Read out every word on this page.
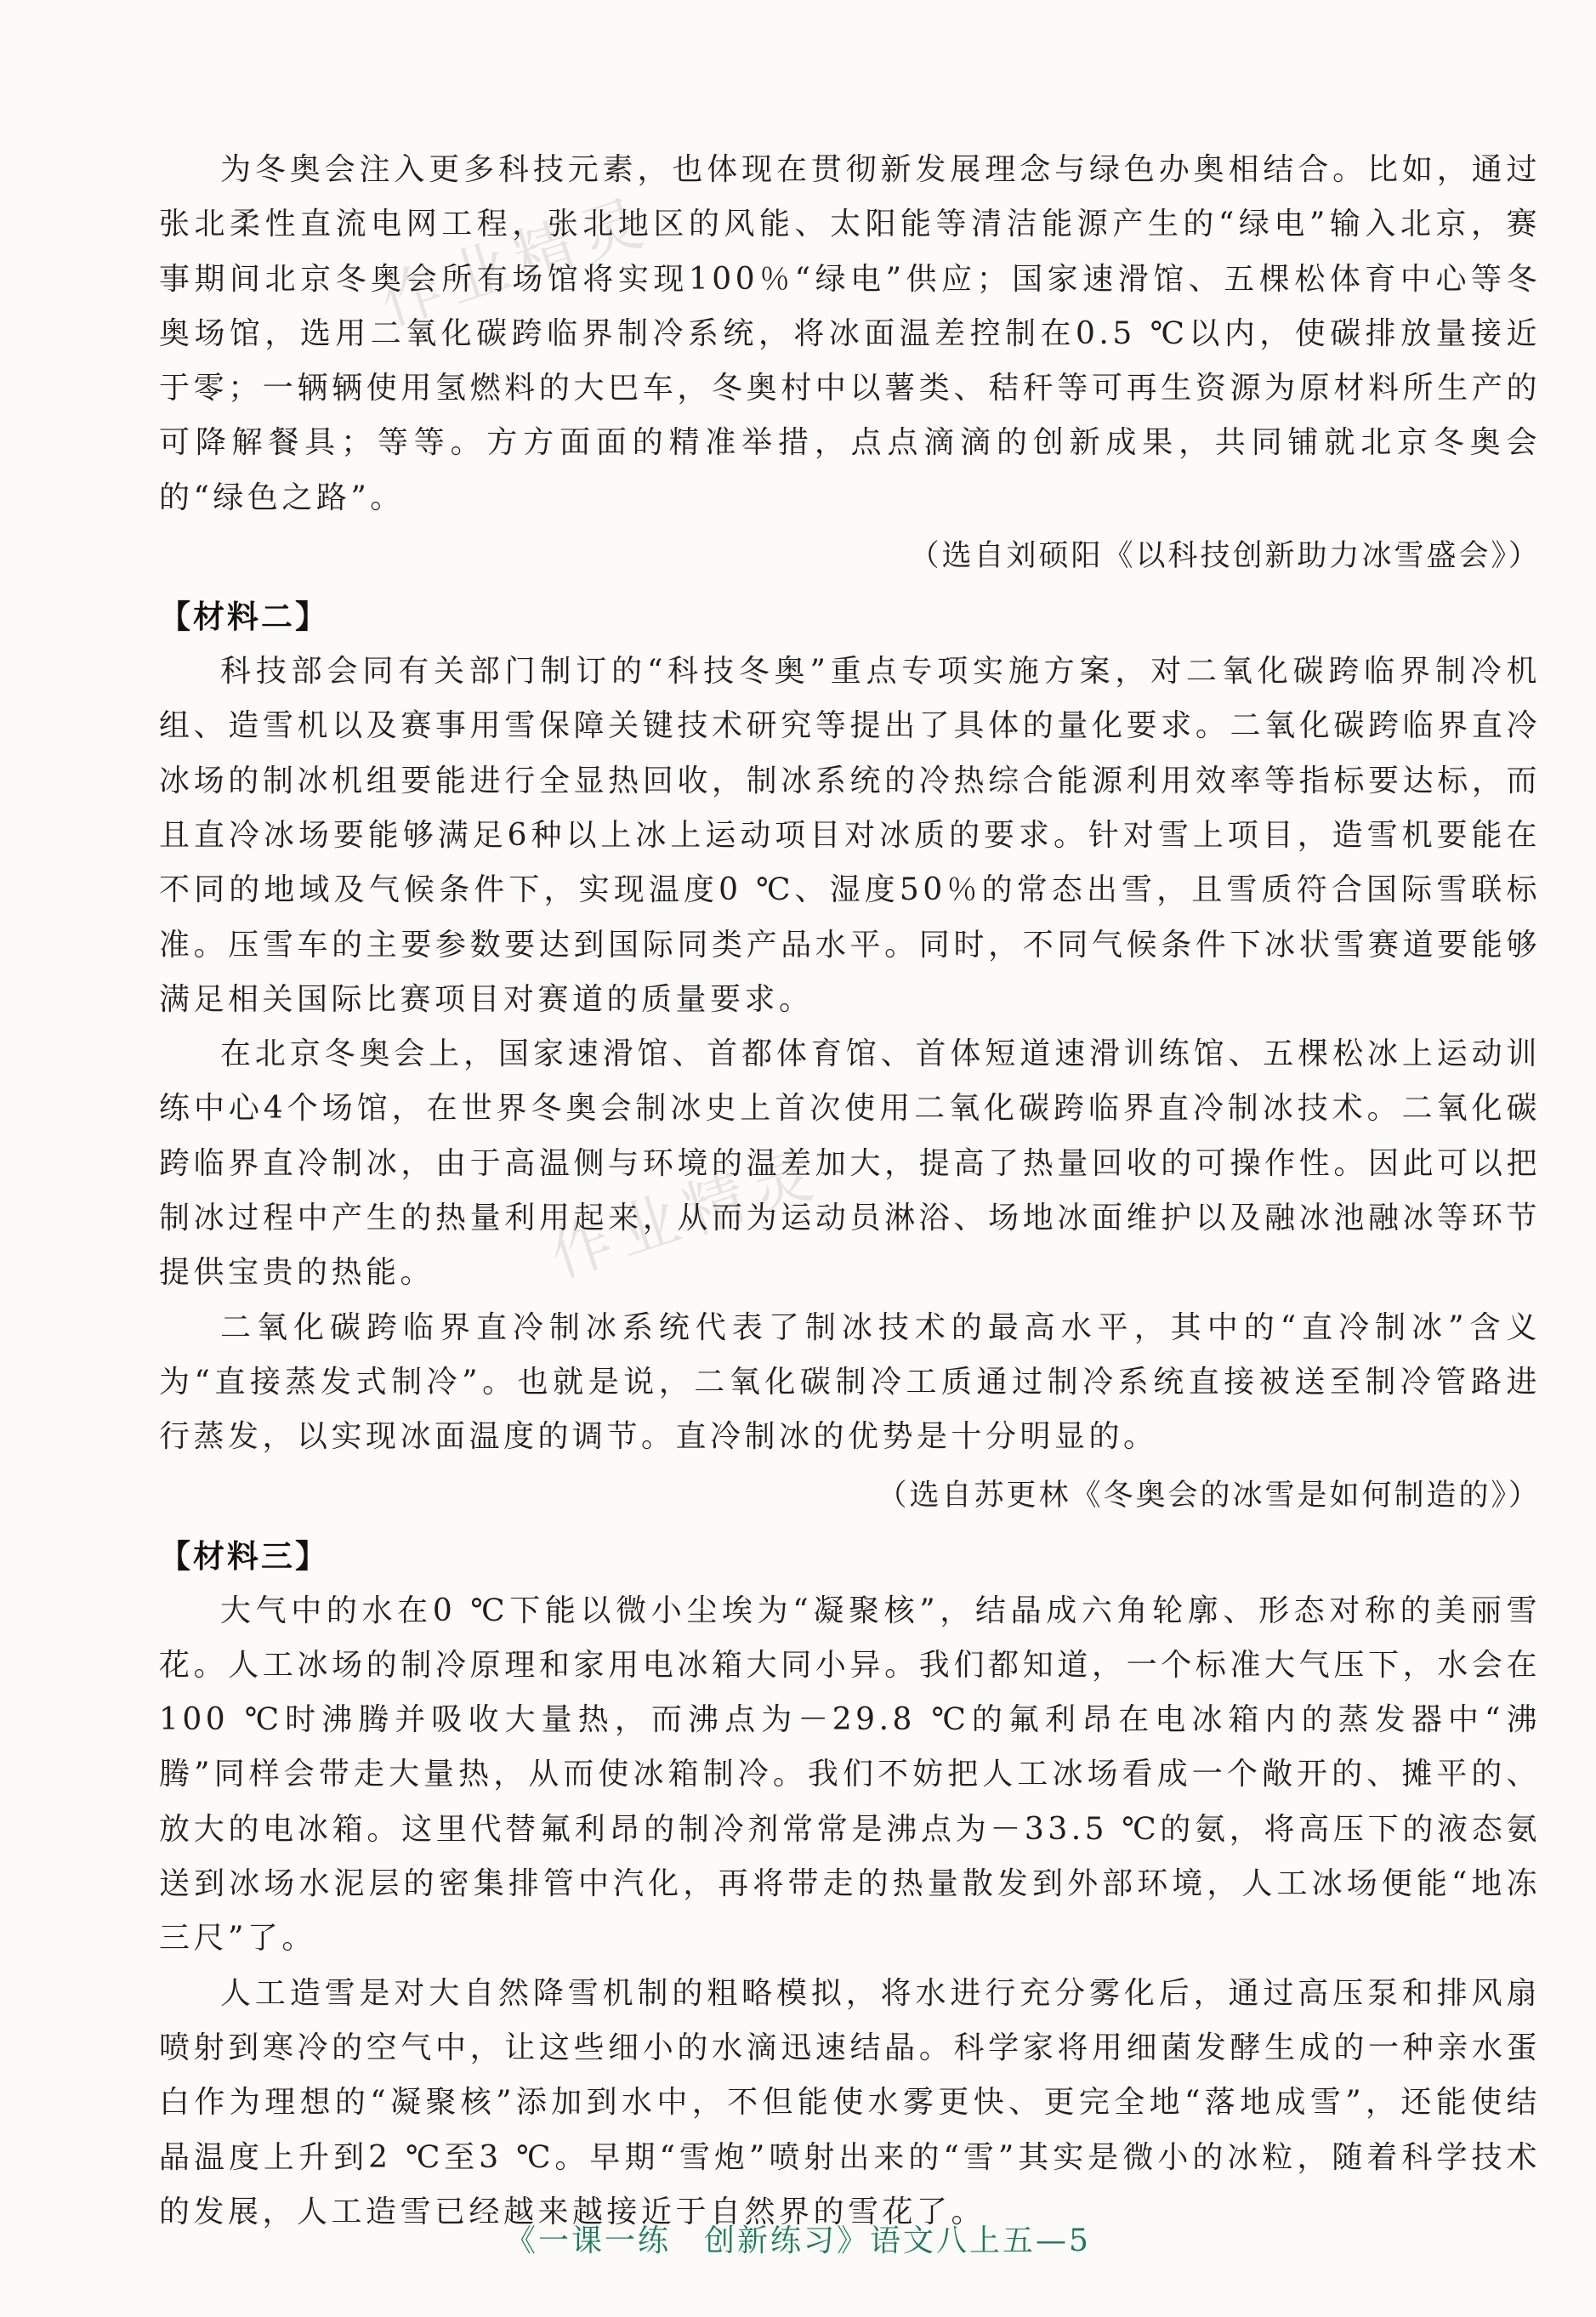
作业精灵
作业精灵

为冬奥会注入更多科技元素，也体现在贯彻新发展理念与绿色办奥相结合。比如，通过张北柔性直流电网工程，张北地区的风能、太阳能等清洁能源产生的“绿电”输入北京，赛事期间北京冬奥会所有场馆将实现100％“绿电”供应；国家速滑馆、五棵松体育中心等冬奥场馆，选用二氧化碳跨临界制冷系统，将冰面温差控制在0.5 ℃以内，使碳排放量接近于零；一辆辆使用氢燃料的大巴车，冬奥村中以薯类、秸秆等可再生资源为原材料所生产的可降解餐具；等等。方方面面的精准举措，点点滴滴的创新成果，共同铺就北京冬奥会的“绿色之路”。

（选自刘硕阳《以科技创新助力冰雪盛会》）

【材料二】

科技部会同有关部门制订的“科技冬奥”重点专项实施方案，对二氧化碳跨临界制冷机组、造雪机以及赛事用雪保障关键技术研究等提出了具体的量化要求。二氧化碳跨临界直冷冰场的制冰机组要能进行全显热回收，制冰系统的冷热综合能源利用效率等指标要达标，而且直冷冰场要能够满足6种以上冰上运动项目对冰质的要求。针对雪上项目，造雪机要能在不同的地域及气候条件下，实现温度0 ℃、湿度50％的常态出雪，且雪质符合国际雪联标准。压雪车的主要参数要达到国际同类产品水平。同时，不同气候条件下冰状雪赛道要能够满足相关国际比赛项目对赛道的质量要求。

在北京冬奥会上，国家速滑馆、首都体育馆、首体短道速滑训练馆、五棵松冰上运动训练中心4个场馆，在世界冬奥会制冰史上首次使用二氧化碳跨临界直冷制冰技术。二氧化碳跨临界直冷制冰，由于高温侧与环境的温差加大，提高了热量回收的可操作性。因此可以把制冰过程中产生的热量利用起来，从而为运动员淋浴、场地冰面维护以及融冰池融冰等环节提供宝贵的热能。

二氧化碳跨临界直冷制冰系统代表了制冰技术的最高水平，其中的“直冷制冰”含义为“直接蒸发式制冷”。也就是说，二氧化碳制冷工质通过制冷系统直接被送至制冷管路进行蒸发，以实现冰面温度的调节。直冷制冰的优势是十分明显的。

（选自苏更林《冬奥会的冰雪是如何制造的》）

【材料三】

大气中的水在0 ℃下能以微小尘埃为“凝聚核”，结晶成六角轮廓、形态对称的美丽雪花。人工冰场的制冷原理和家用电冰箱大同小异。我们都知道，一个标准大气压下，水会在100 ℃时沸腾并吸收大量热，而沸点为－29.8 ℃的氟利昂在电冰箱内的蒸发器中“沸腾”同样会带走大量热，从而使冰箱制冷。我们不妨把人工冰场看成一个敞开的、摊平的、放大的电冰箱。这里代替氟利昂的制冷剂常常是沸点为－33.5 ℃的氨，将高压下的液态氨送到冰场水泥层的密集排管中汽化，再将带走的热量散发到外部环境，人工冰场便能“地冻三尺”了。

人工造雪是对大自然降雪机制的粗略模拟，将水进行充分雾化后，通过高压泵和排风扇喷射到寒冷的空气中，让这些细小的水滴迅速结晶。科学家将用细菌发酵生成的一种亲水蛋白作为理想的“凝聚核”添加到水中，不但能使水雾更快、更完全地“落地成雪”，还能使结晶温度上升到2 ℃至3 ℃。早期“雪炮”喷射出来的“雪”其实是微小的冰粒，随着科学技术的发展，人工造雪已经越来越接近于自然界的雪花了。

《一课一练　创新练习》语文八上五—5
